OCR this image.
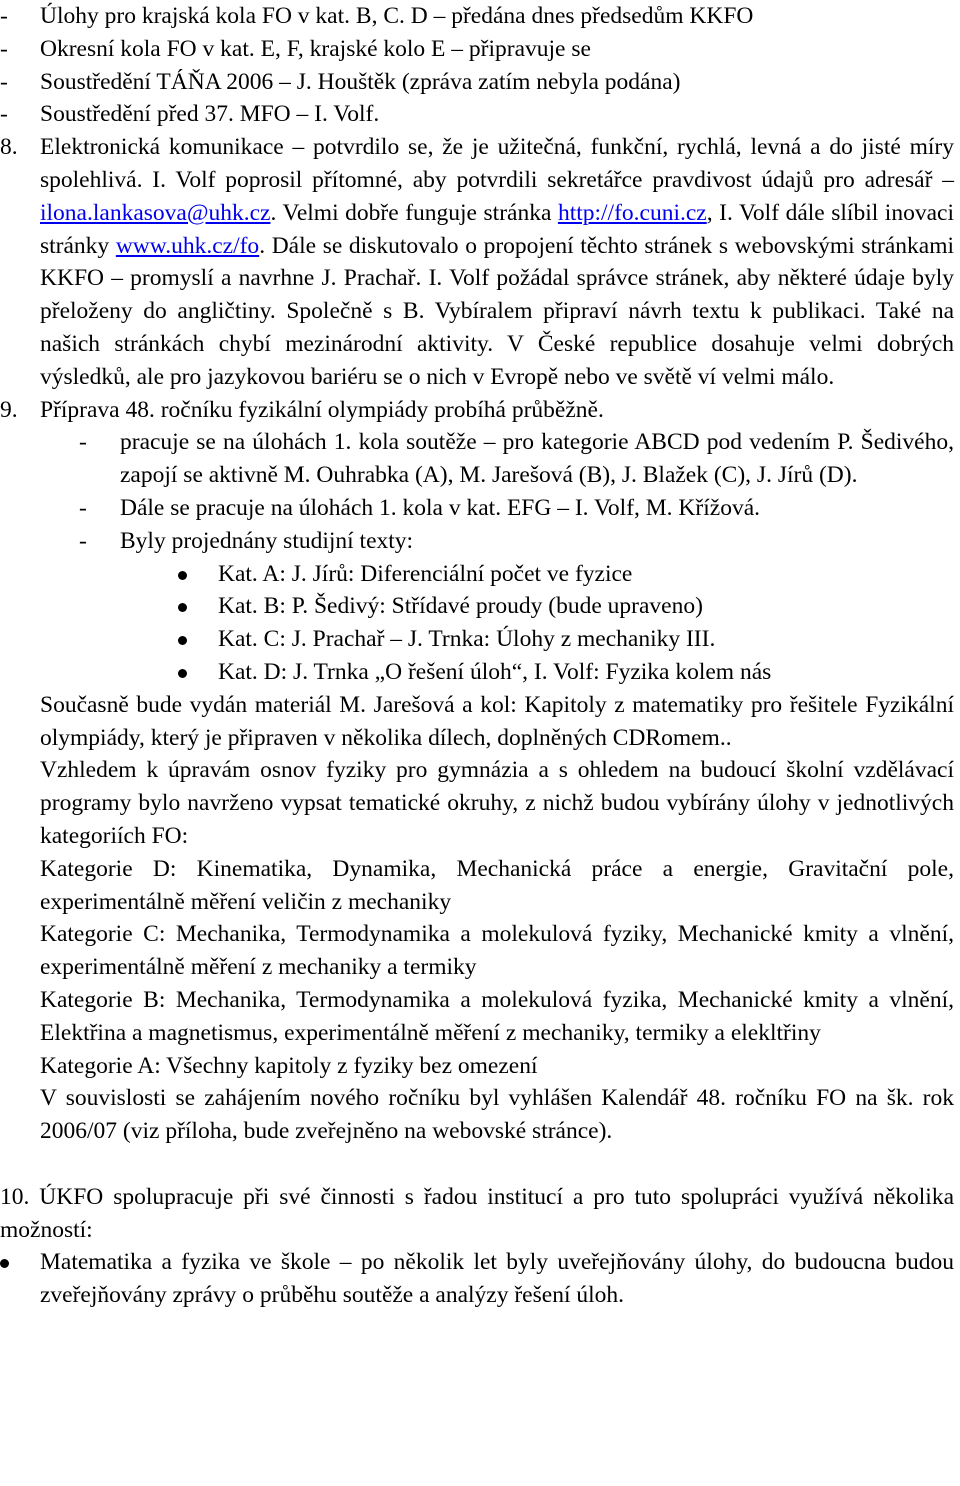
- Úlohy pro krajská kola FO v kat. B, C. D – předána dnes předsedům KKFO
- Okresní kola FO v kat. E, F, krajské kolo E – připravuje se
- Soustředění TÁŇA 2006 – J. Houštěk (zpráva zatím nebyla podána)
- Soustředění před 37. MFO – I. Volf.
8. Elektronická komunikace – potvrdilo se, že je užitečná, funkční, rychlá, levná a do jisté míry spolehlivá. I. Volf poprosil přítomné, aby potvrdili sekretářce pravdivost údajů pro adresář – ilona.lankasova@uhk.cz. Velmi dobře funguje stránka http://fo.cuni.cz, I. Volf dále slíbil inovaci stránky www.uhk.cz/fo. Dále se diskutovalo o propojení těchto stránek s webovskými stránkami KKFO – promyslí a navrhne J. Prachař. I. Volf požádal správce stránek, aby některé údaje byly přeloženy do angličtiny. Společně s B. Vybíralem připraví návrh textu k publikaci. Také na našich stránkách chybí mezinárodní aktivity. V České republice dosahuje velmi dobrých výsledků, ale pro jazykovou bariéru se o nich v Evropě nebo ve světě ví velmi málo.
9. Příprava 48. ročníku fyzikální olympiády probíhá průběžně.
- pracuje se na úlohách 1. kola soutěže – pro kategorie ABCD pod vedením P. Šedivého, zapojí se aktivně M. Ouhrabka (A), M. Jarešová (B), J. Blažek (C), J. Jírů (D).
- Dále se pracuje na úlohách 1. kola v kat. EFG – I. Volf, M. Křížová.
- Byly projednány studijní texty:
Kat. A: J. Jírů: Diferenciální počet ve fyzice
Kat. B: P. Šedivý: Střídavé proudy (bude upraveno)
Kat. C: J. Prachař – J. Trnka: Úlohy z mechaniky III.
Kat. D: J. Trnka „O řešení úloh“, I. Volf: Fyzika kolem nás
Současně bude vydán materiál M. Jarešová a kol: Kapitoly z matematiky pro řešitele Fyzikální olympiády, který je připraven v několika dílech, doplněných CDRomem..
Vzhledem k úpravám osnov fyziky pro gymnázia a s ohledem na budoucí školní vzdělávací programy bylo navrženo vypsat tematické okruhy, z nichž budou vybírány úlohy v jednotlivých kategoriích FO:
Kategorie D: Kinematika, Dynamika, Mechanická práce a energie, Gravitační pole, experimentálně měření veličin z mechaniky
Kategorie C: Mechanika, Termodynamika a molekulová fyziky, Mechanické kmity a vlnění, experimentálně měření z mechaniky a termiky
Kategorie B: Mechanika, Termodynamika a molekulová fyzika, Mechanické kmity a vlnění, Elektřina a magnetismus, experimentálně měření z mechaniky, termiky a elekltřiny
Kategorie A: Všechny kapitoly z fyziky bez omezení
V souvislosti se zahájením nového ročníku byl vyhlášen Kalendář 48. ročníku FO na šk. rok 2006/07 (viz příloha, bude zveřejněno na webovské stránce).
10. ÚKFO spolupracuje při své činnosti s řadou institucí a pro tuto spolupráci využívá několika možností:
Matematika a fyzika ve škole – po několik let byly uveřejňovány úlohy, do budoucna budou zveřejňovány zprávy o průběhu soutěže a analýzy řešení úloh.
